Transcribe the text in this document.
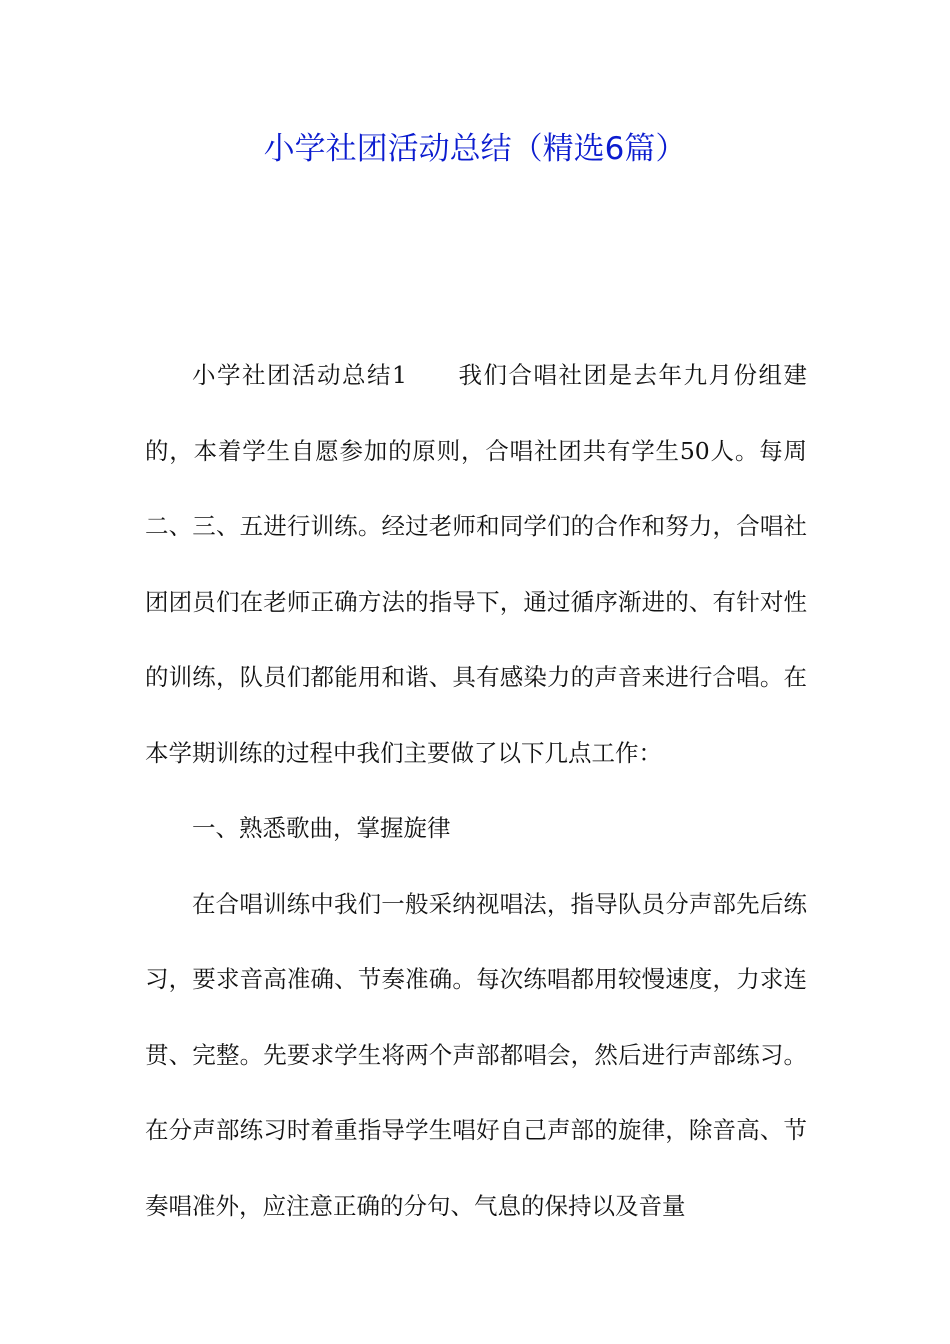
小学社团活动总结（精选6篇）

小学社团活动总结1　　我们合唱社团是去年九月份组建的，本着学生自愿参加的原则，合唱社团共有学生50人。每周二、三、五进行训练。经过老师和同学们的合作和努力，合唱社团团员们在老师正确方法的指导下，通过循序渐进的、有针对性的训练，队员们都能用和谐、具有感染力的声音来进行合唱。在本学期训练的过程中我们主要做了以下几点工作：

一、熟悉歌曲，掌握旋律

在合唱训练中我们一般采纳视唱法，指导队员分声部先后练习，要求音高准确、节奏准确。每次练唱都用较慢速度，力求连贯、完整。先要求学生将两个声部都唱会，然后进行声部练习。在分声部练习时着重指导学生唱好自己声部的旋律，除音高、节奏唱准外，应注意正确的分句、气息的保持以及音量
